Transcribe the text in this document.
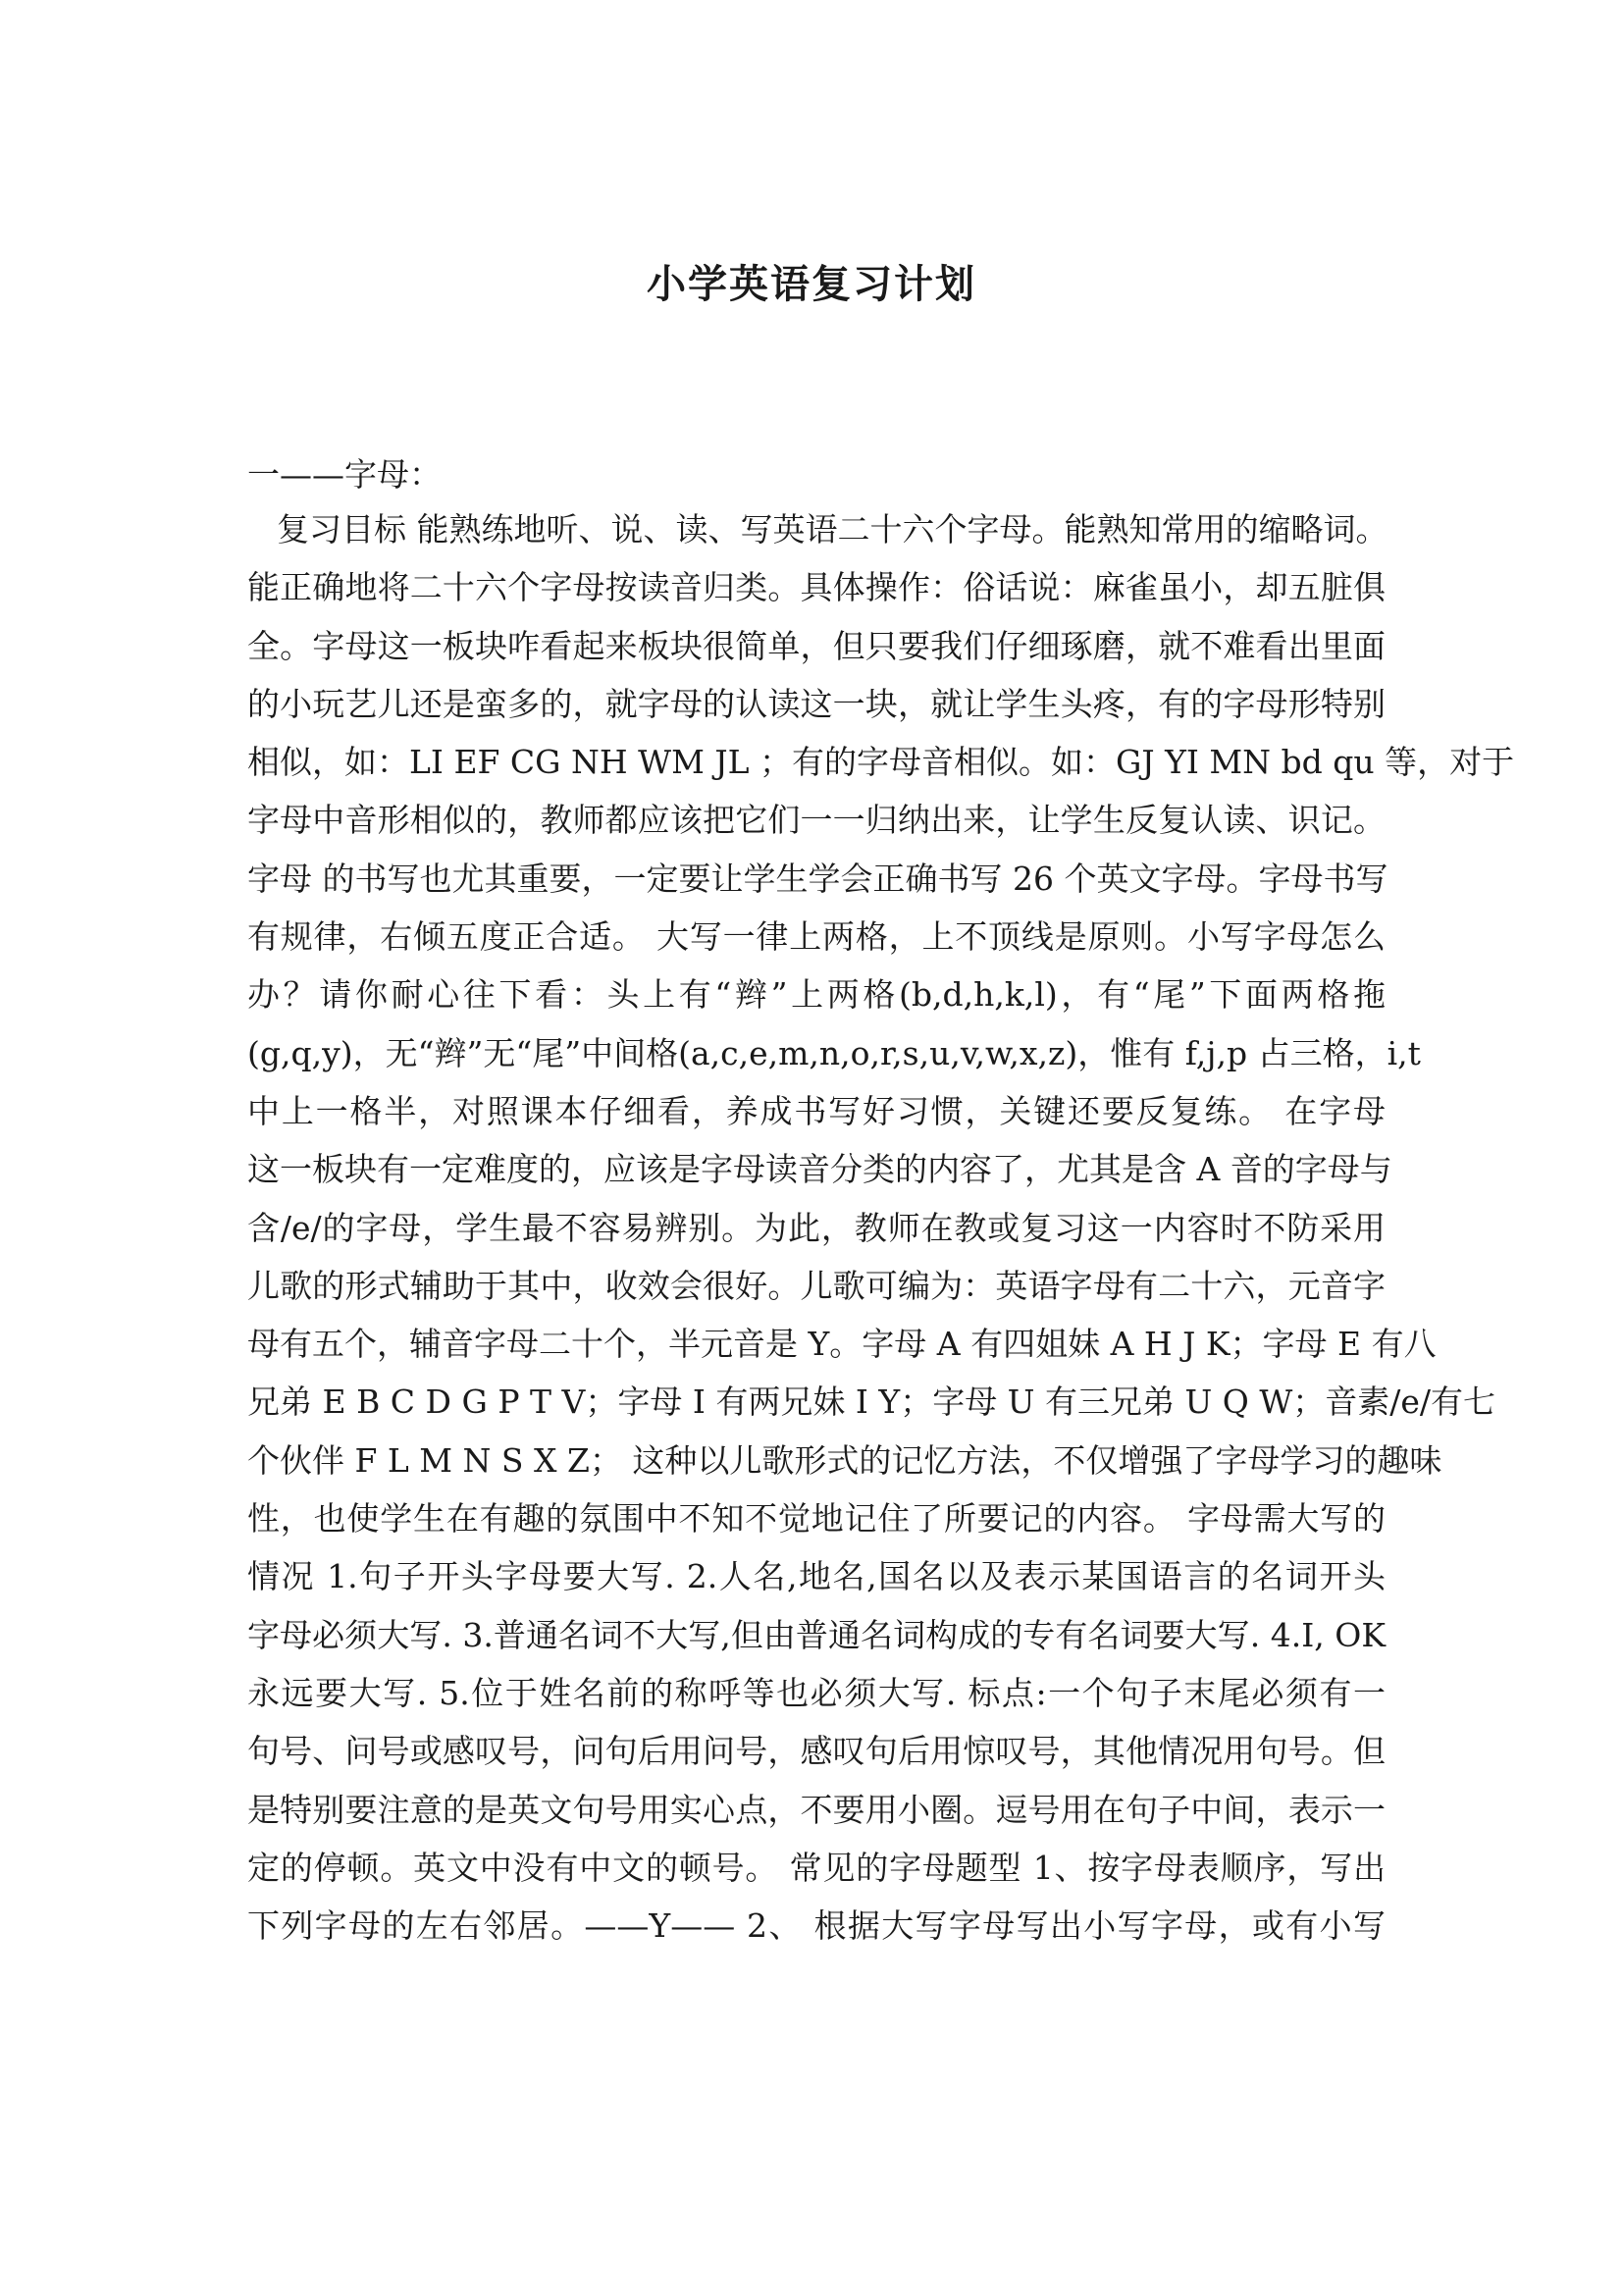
小学英语复习计划

一——字母：

复习目标 能熟练地听、说、读、写英语二十六个字母。能熟知常用的缩略词。
能正确地将二十六个字母按读音归类。具体操作：俗话说：麻雀虽小，却五脏俱
全。字母这一板块咋看起来板块很简单，但只要我们仔细琢磨，就不难看出里面
的小玩艺儿还是蛮多的，就字母的认读这一块，就让学生头疼，有的字母形特别
相似，如：LI EF CG NH WM JL ；有的字母音相似。如：GJ YI MN bd qu 等，对于
字母中音形相似的，教师都应该把它们一一归纳出来，让学生反复认读、识记。
字母 的书写也尤其重要，一定要让学生学会正确书写 26 个英文字母。字母书写
有规律，右倾五度正合适。 大写一律上两格，上不顶线是原则。小写字母怎么
办？请你耐心往下看：头上有“辫”上两格(b,d,h,k,l)，有“尾”下面两格拖
(g,q,y)，无“辫”无“尾”中间格(a,c,e,m,n,o,r,s,u,v,w,x,z)，惟有 f,j,p 占三格，i,t
中上一格半，对照课本仔细看，养成书写好习惯，关键还要反复练。 在字母
这一板块有一定难度的，应该是字母读音分类的内容了，尤其是含 A 音的字母与
含/e/的字母，学生最不容易辨别。为此，教师在教或复习这一内容时不防采用
儿歌的形式辅助于其中，收效会很好。儿歌可编为：英语字母有二十六，元音字
母有五个，辅音字母二十个，半元音是 Y。字母 A 有四姐妹 A H J K；字母 E 有八
兄弟 E B C D G P T V；字母 I 有两兄妹 I Y；字母 U 有三兄弟 U Q W；音素/e/有七
个伙伴 F L M N S X Z； 这种以儿歌形式的记忆方法，不仅增强了字母学习的趣味
性，也使学生在有趣的氛围中不知不觉地记住了所要记的内容。 字母需大写的
情况 1.句子开头字母要大写. 2.人名,地名,国名以及表示某国语言的名词开头
字母必须大写. 3.普通名词不大写,但由普通名词构成的专有名词要大写. 4.I, OK
永远要大写. 5.位于姓名前的称呼等也必须大写. 标点:一个句子末尾必须有一
句号、问号或感叹号，问句后用问号，感叹句后用惊叹号，其他情况用句号。但
是特别要注意的是英文句号用实心点，不要用小圈。逗号用在句子中间，表示一
定的停顿。英文中没有中文的顿号。 常见的字母题型 1、按字母表顺序，写出
下列字母的左右邻居。——Y—— 2、 根据大写字母写出小写字母，或有小写
